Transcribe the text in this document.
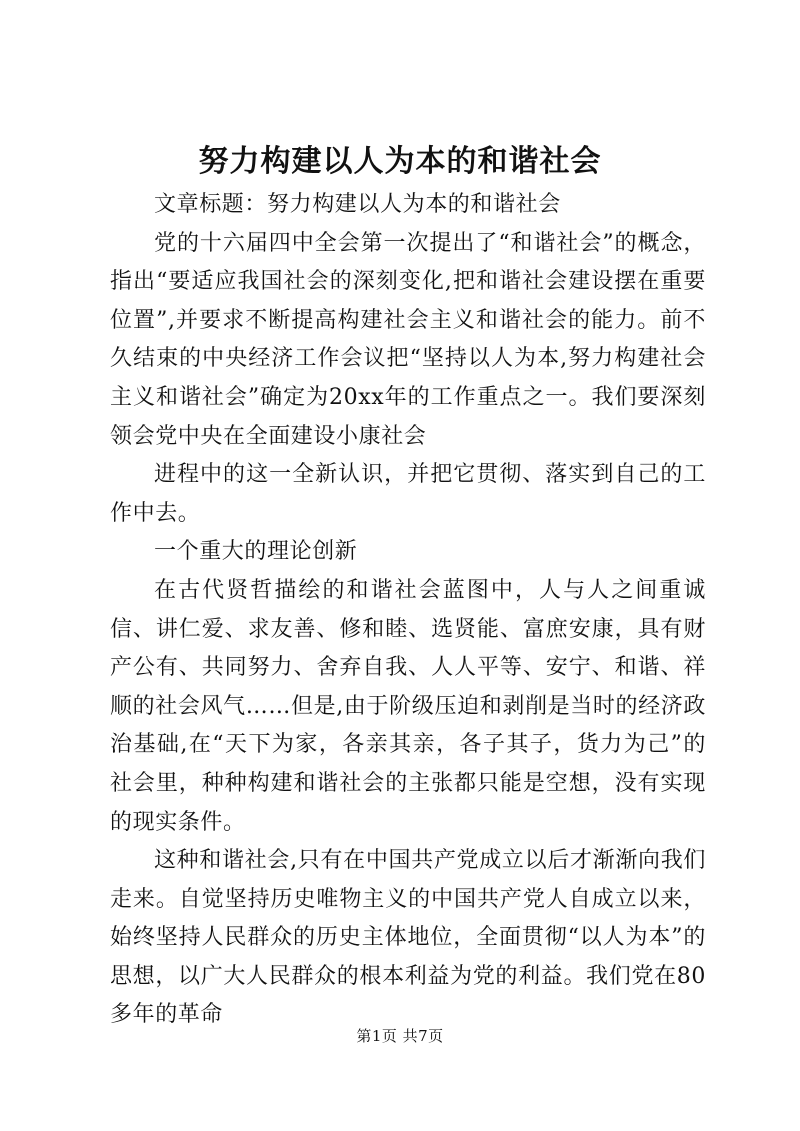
努力构建以人为本的和谐社会

文章标题：努力构建以人为本的和谐社会

党的十六届四中全会第一次提出了“和谐社会”的概念，指出“要适应我国社会的深刻变化,把和谐社会建设摆在重要位置”,并要求不断提高构建社会主义和谐社会的能力。前不久结束的中央经济工作会议把“坚持以人为本,努力构建社会主义和谐社会”确定为20xx年的工作重点之一。我们要深刻领会党中央在全面建设小康社会

进程中的这一全新认识，并把它贯彻、落实到自己的工作中去。

一个重大的理论创新

在古代贤哲描绘的和谐社会蓝图中，人与人之间重诚信、讲仁爱、求友善、修和睦、选贤能、富庶安康，具有财产公有、共同努力、舍弃自我、人人平等、安宁、和谐、祥顺的社会风气……但是,由于阶级压迫和剥削是当时的经济政治基础,在“天下为家，各亲其亲，各子其子，货力为己”的社会里，种种构建和谐社会的主张都只能是空想，没有实现的现实条件。

这种和谐社会,只有在中国共产党成立以后才渐渐向我们走来。自觉坚持历史唯物主义的中国共产党人自成立以来，始终坚持人民群众的历史主体地位，全面贯彻“以人为本”的思想，以广大人民群众的根本利益为党的利益。我们党在80多年的革命

第1页 共7页
